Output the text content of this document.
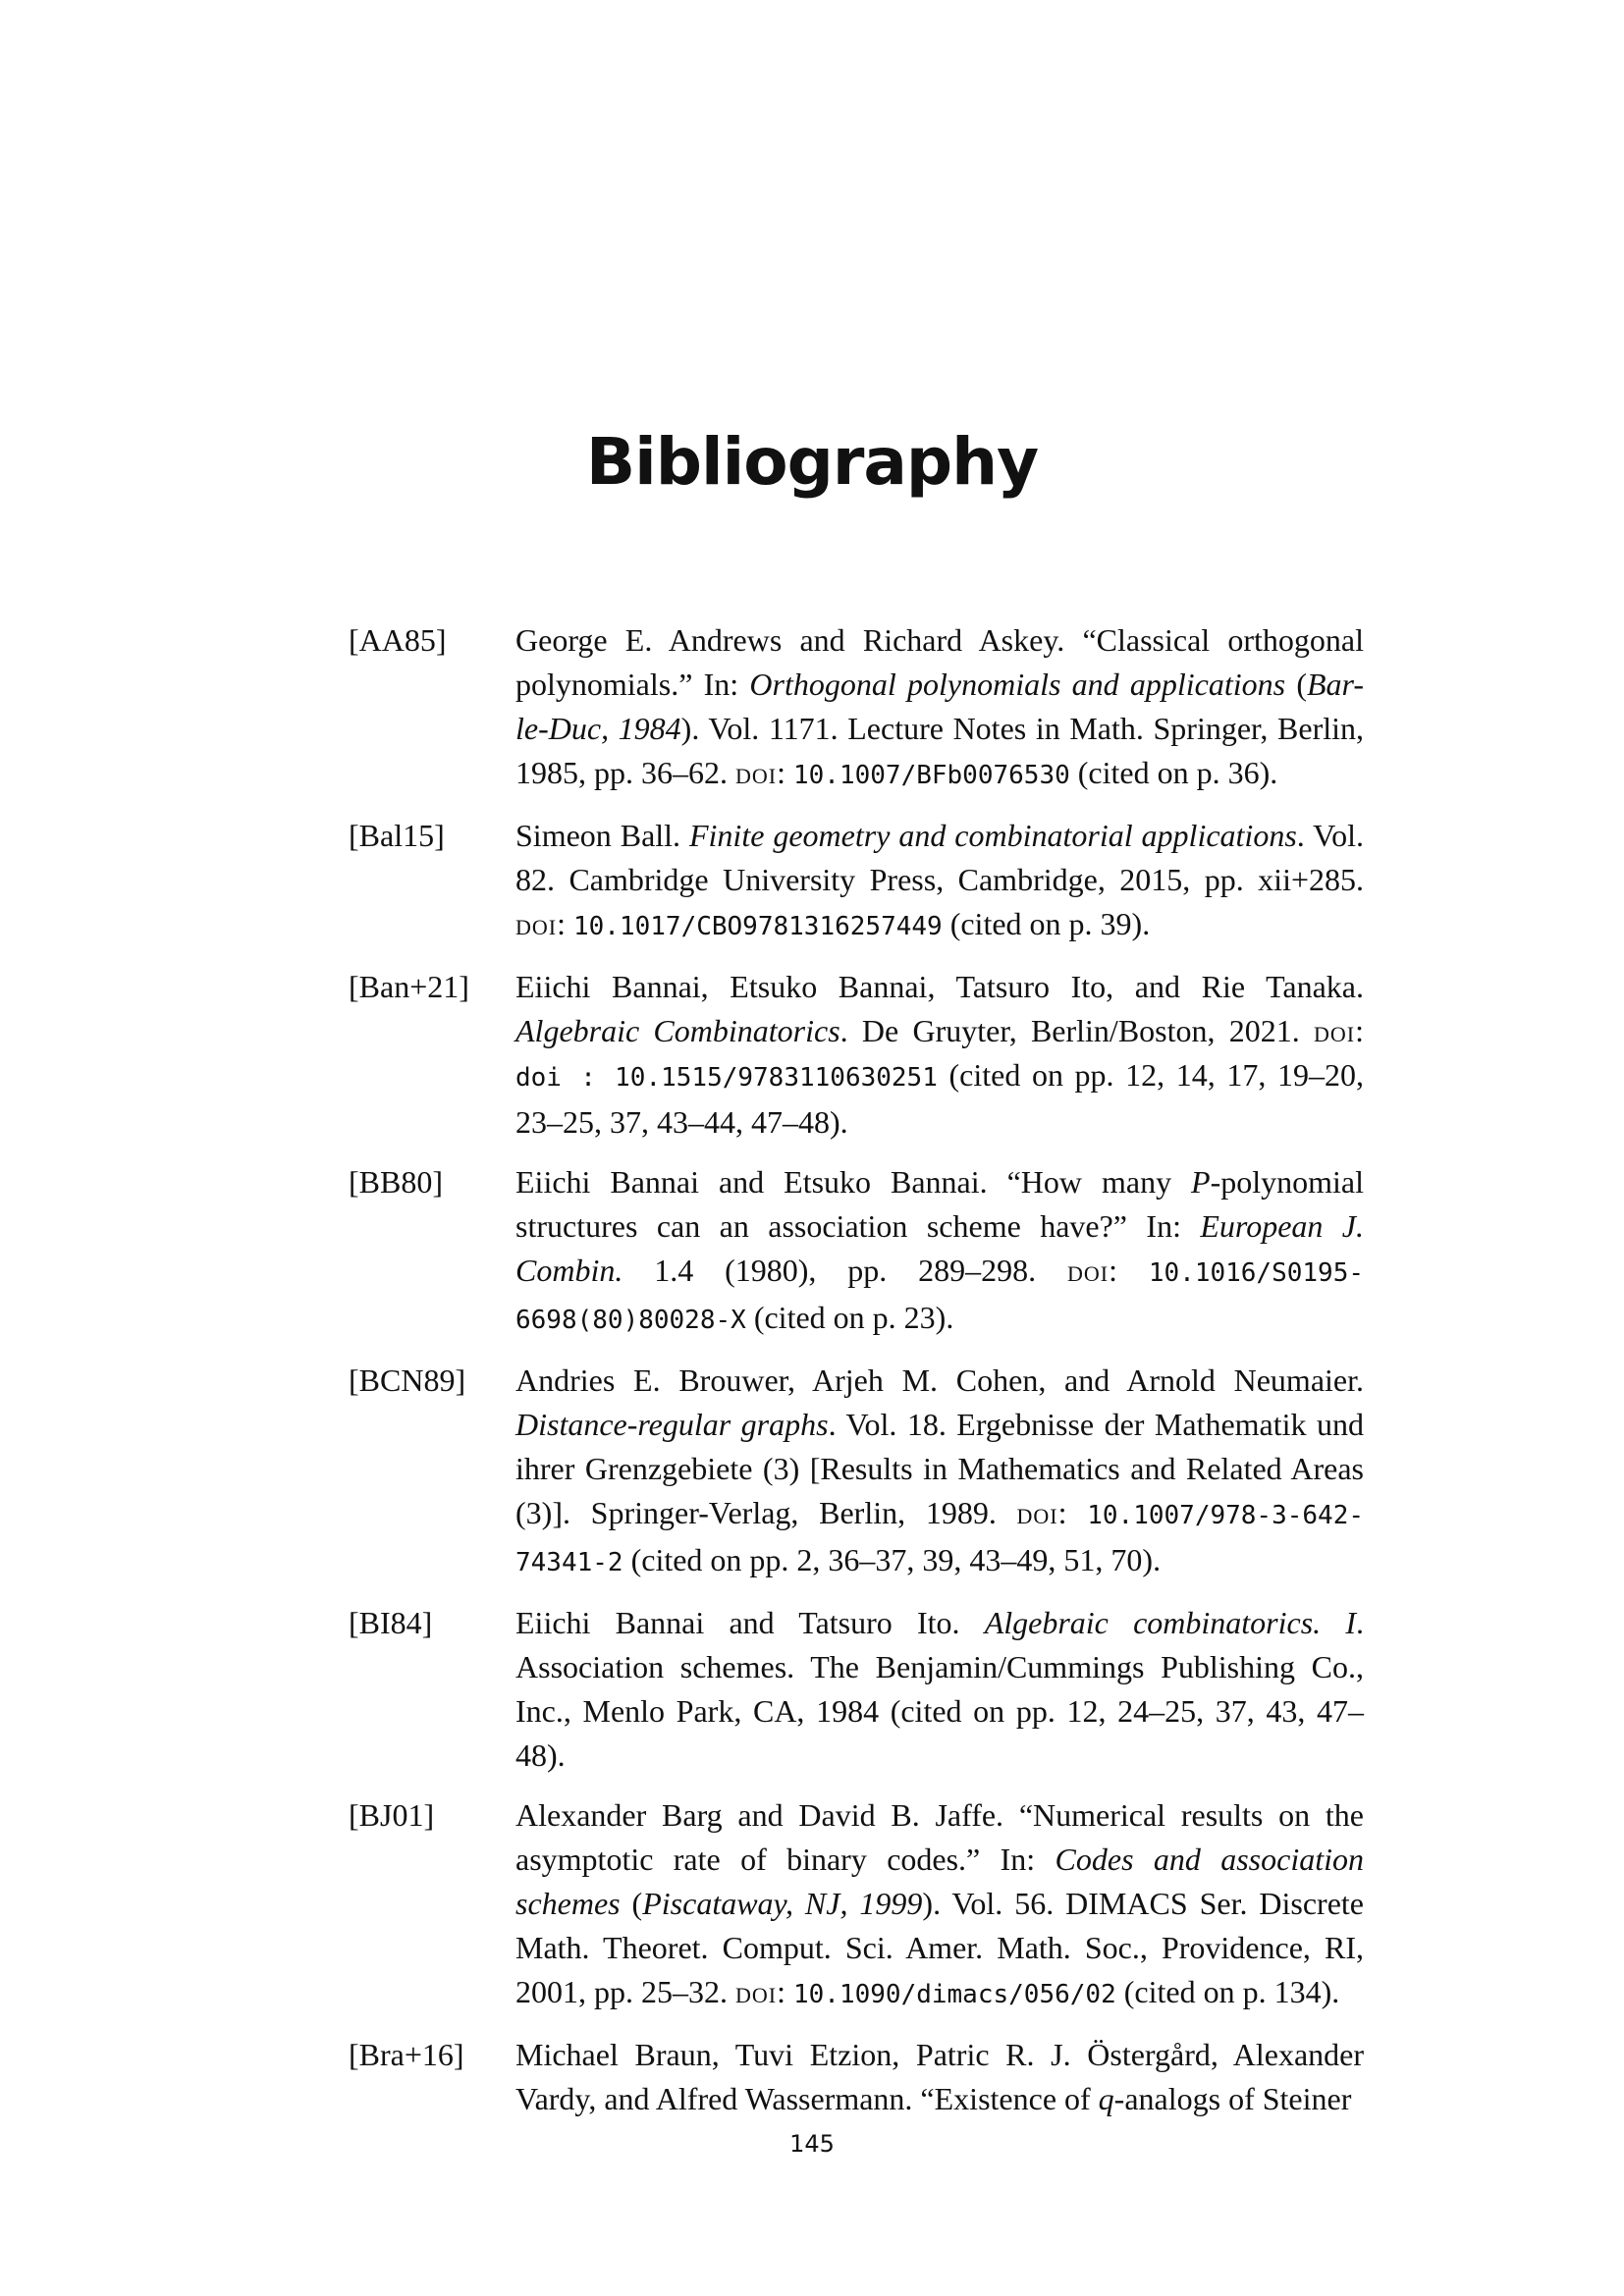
Bibliography
[AA85]	George E. Andrews and Richard Askey. “Classical orthogonal polynomials.” In: Orthogonal polynomials and applications (Bar-le-Duc, 1984). Vol. 1171. Lecture Notes in Math. Springer, Berlin, 1985, pp. 36–62. doi: 10.1007/BFb0076530 (cited on p. 36).
[Bal15]	Simeon Ball. Finite geometry and combinatorial applications. Vol. 82. Cambridge University Press, Cambridge, 2015, pp. xii+285. doi: 10.1017/CBO9781316257449 (cited on p. 39).
[Ban+21]	Eiichi Bannai, Etsuko Bannai, Tatsuro Ito, and Rie Tanaka. Algebraic Combinatorics. De Gruyter, Berlin/Boston, 2021. doi: doi : 10.1515/9783110630251 (cited on pp. 12, 14, 17, 19–20, 23–25, 37, 43–44, 47–48).
[BB80]	Eiichi Bannai and Etsuko Bannai. “How many P-polynomial structures can an association scheme have?” In: European J. Combin. 1.4 (1980), pp. 289–298. doi: 10.1016/S0195-6698(80)80028-X (cited on p. 23).
[BCN89]	Andries E. Brouwer, Arjeh M. Cohen, and Arnold Neumaier. Distance-regular graphs. Vol. 18. Ergebnisse der Mathematik und ihrer Grenzgebiete (3) [Results in Mathematics and Related Areas (3)]. Springer-Verlag, Berlin, 1989. doi: 10.1007/978-3-642-74341-2 (cited on pp. 2, 36–37, 39, 43–49, 51, 70).
[BI84]	Eiichi Bannai and Tatsuro Ito. Algebraic combinatorics. I. Association schemes. The Benjamin/Cummings Publishing Co., Inc., Menlo Park, CA, 1984 (cited on pp. 12, 24–25, 37, 43, 47–48).
[BJ01]	Alexander Barg and David B. Jaffe. “Numerical results on the asymptotic rate of binary codes.” In: Codes and association schemes (Piscataway, NJ, 1999). Vol. 56. DIMACS Ser. Discrete Math. Theoret. Comput. Sci. Amer. Math. Soc., Providence, RI, 2001, pp. 25–32. doi: 10.1090/dimacs/056/02 (cited on p. 134).
[Bra+16]	Michael Braun, Tuvi Etzion, Patric R. J. Östergård, Alexander Vardy, and Alfred Wassermann. “Existence of q-analogs of Steiner
145
